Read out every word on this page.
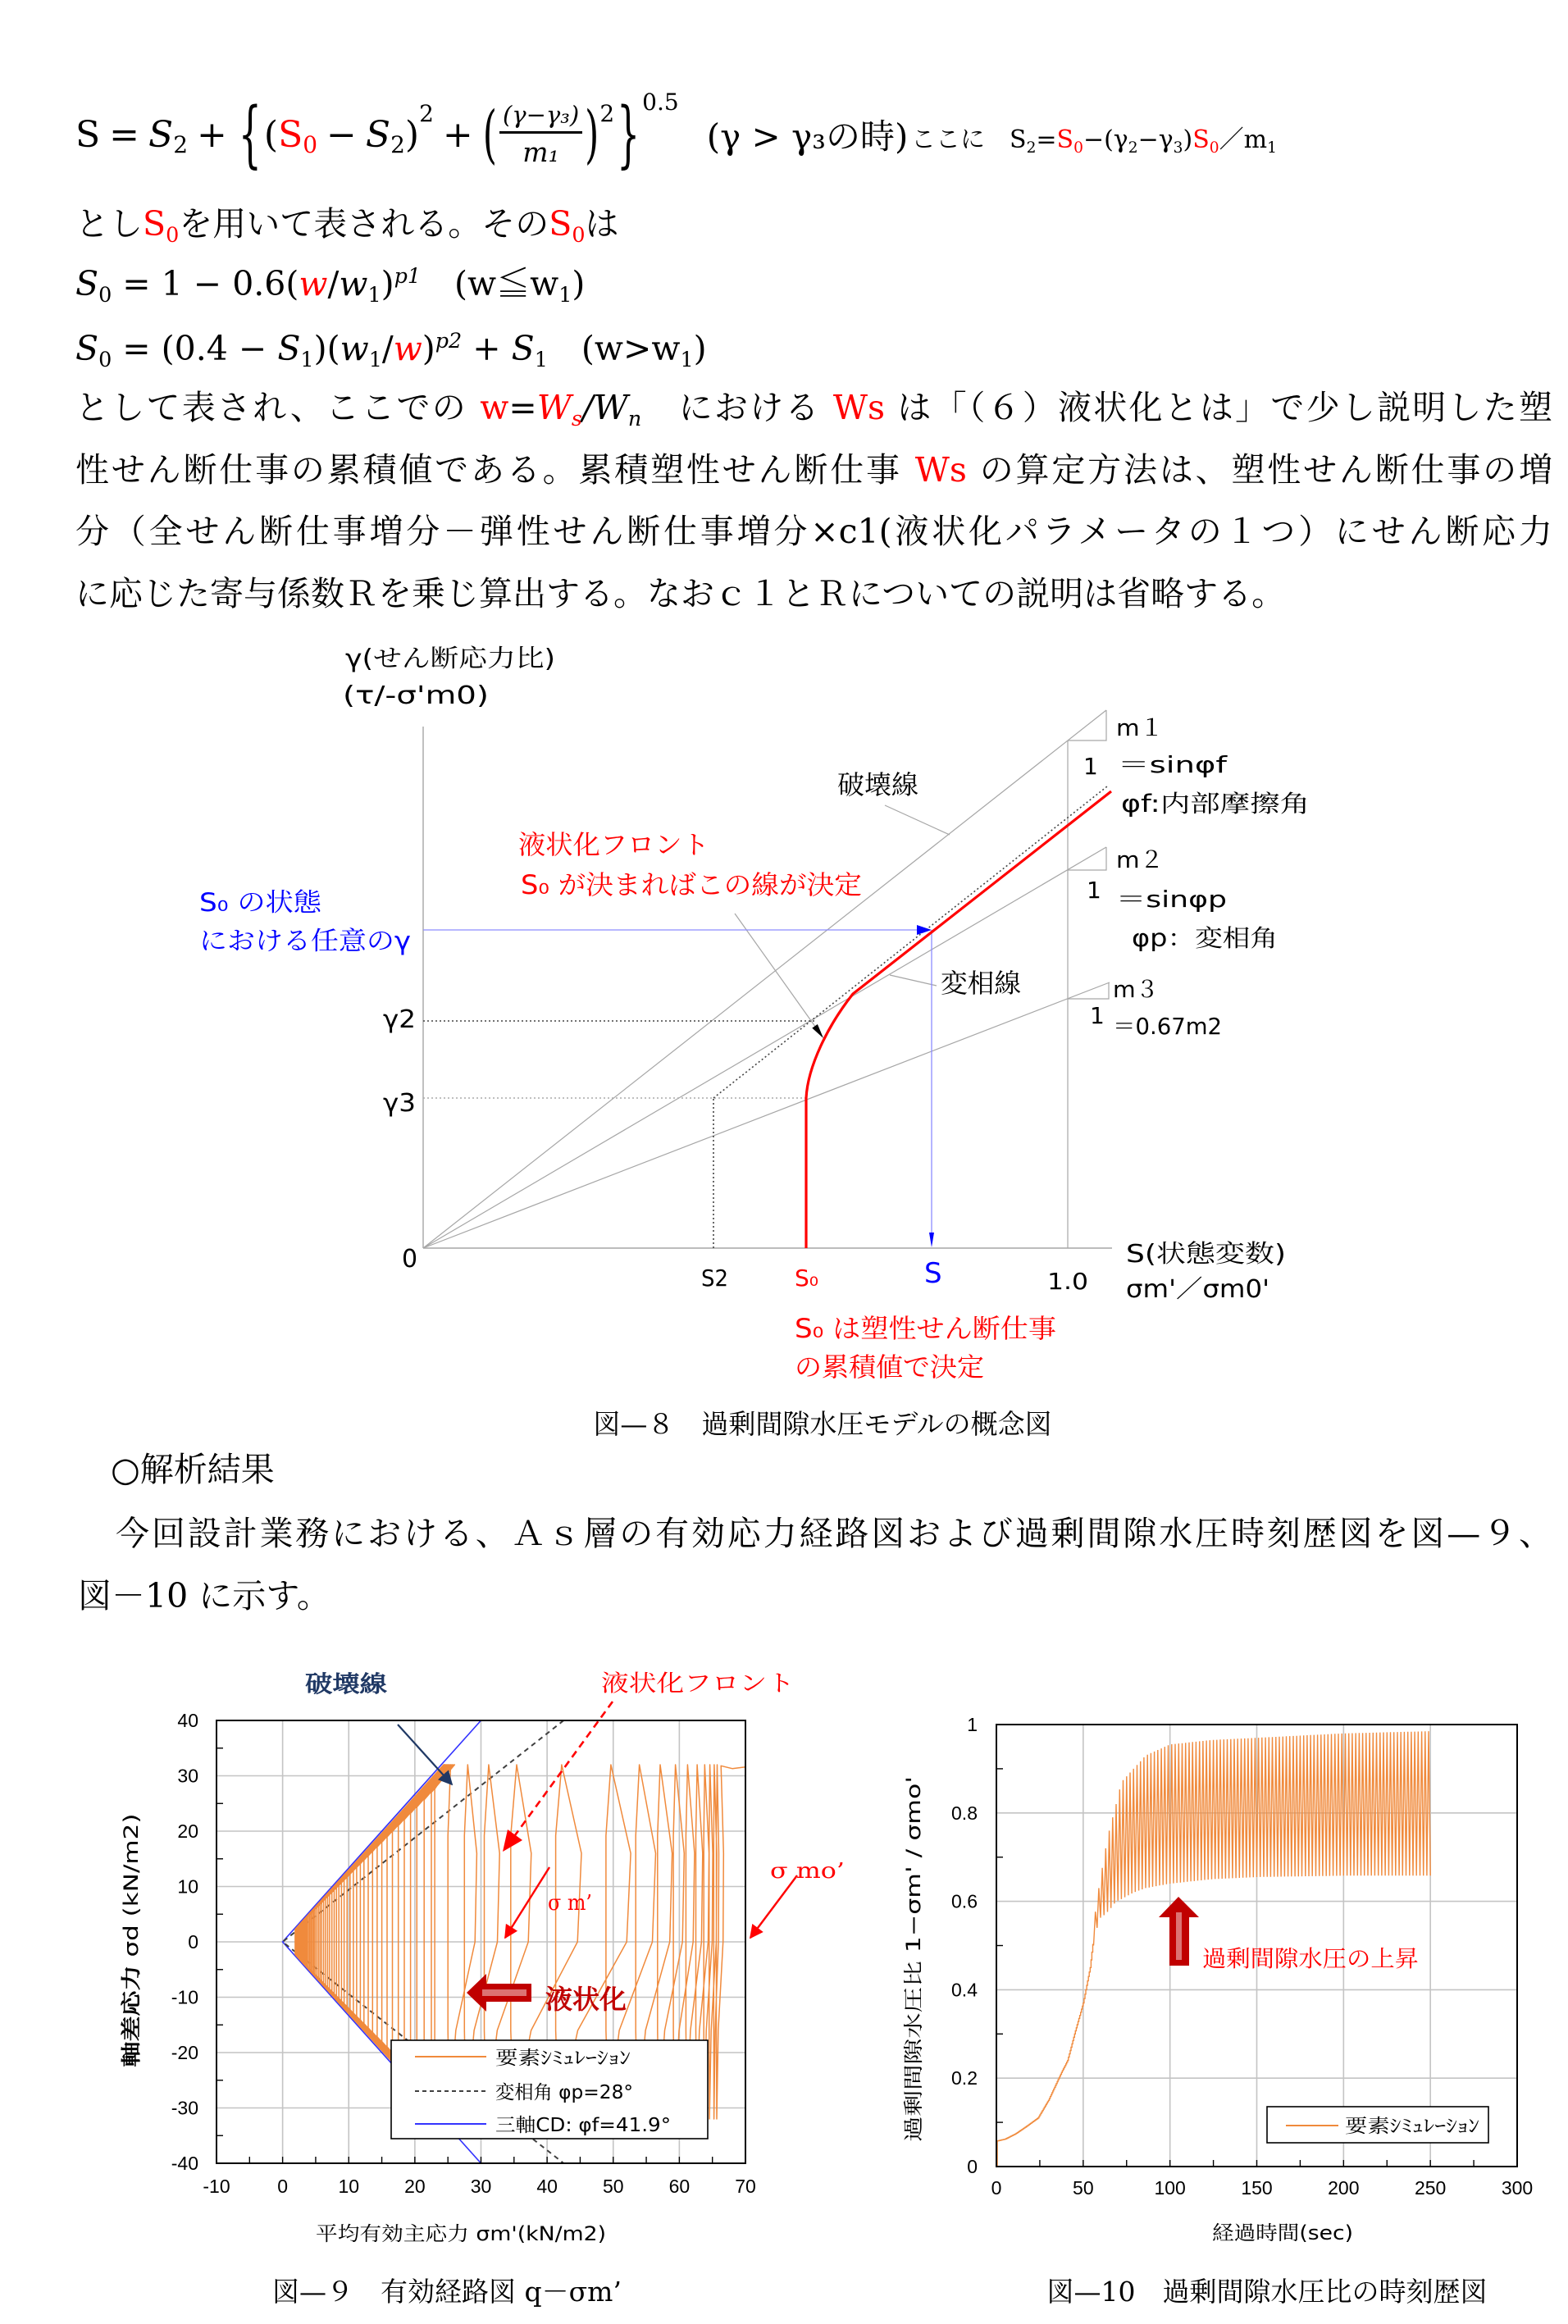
S = S 2 + { ( S 0 − S 2 )
2
+ ( $\frac{\text{(γ−γ₃)}}{\text{m₁}}$ ) 2 } 0.5
(γ > γ₃の時) ここに　S2=S0−(γ2−γ3)S0／m1
としS0を用いて表される。そのS0は
$S0 = 1 - 0.6(w/w1)^{p1}$　(w≦w1)
$S0 = (0.4 - S1)(w1/w)^{p2} + S1$　(w>w1)
として表され、ここでの w=Ws/Wn　における Ws は「（６）液状化とは」で少し説明した塑
性せん断仕事の累積値である。累積塑性せん断仕事 Ws の算定方法は、塑性せん断仕事の増
分（全せん断仕事増分－弾性せん断仕事増分×c1(液状化パラメータの１つ）にせん断応力
に応じた寄与係数Ｒを乗じ算出する。なおｃ１とＲについての説明は省略する。
γ(せん断応力比)
(τ/-σ'm0)
S₀ の状態
における任意のγ
液状化フロント
S₀ が決まればこの線が決定
破壊線
変相線
m１
1 ＝sinφf
φf:内部摩擦角
m２
1 ＝sinφp
φp：変相角
m３
1 ＝0.67m2
γ2
γ3
0
S2	S₀	S	1.0
S(状態変数)
σm'／σm0'
S₀ は塑性せん断仕事
の累積値で決定
図—８　過剰間隙水圧モデルの概念図
○解析結果
今回設計業務における、Ａｓ層の有効応力経路図および過剰間隙水圧時刻歴図を図—９、
図－10 に示す。
-10	0	10 20 30 40 50 60 70
-40
-30
-20
-10
0
10
20
30
40
要素ｼﾐｭﾚｰｼｮﾝ
変相角 φp=28°
三軸CD: φf=41.9°
破壊線	液状化フロント
σ m’
σ mo’
液状化
平均有効主応力 σm'(kN/m2)
軸差応力 σd (kN/m2)
図—９　有効経路図 q－σm’
0	50	100	150	200	250	300
0
0.2
0.4
0.6
0.8
1
要素ｼﾐｭﾚｰｼｮﾝ
過剰間隙水圧の上昇
経過時間(sec)
過剰間隙水圧比 1−σm' / σmo'
図—10　過剰間隙水圧比の時刻歴図
